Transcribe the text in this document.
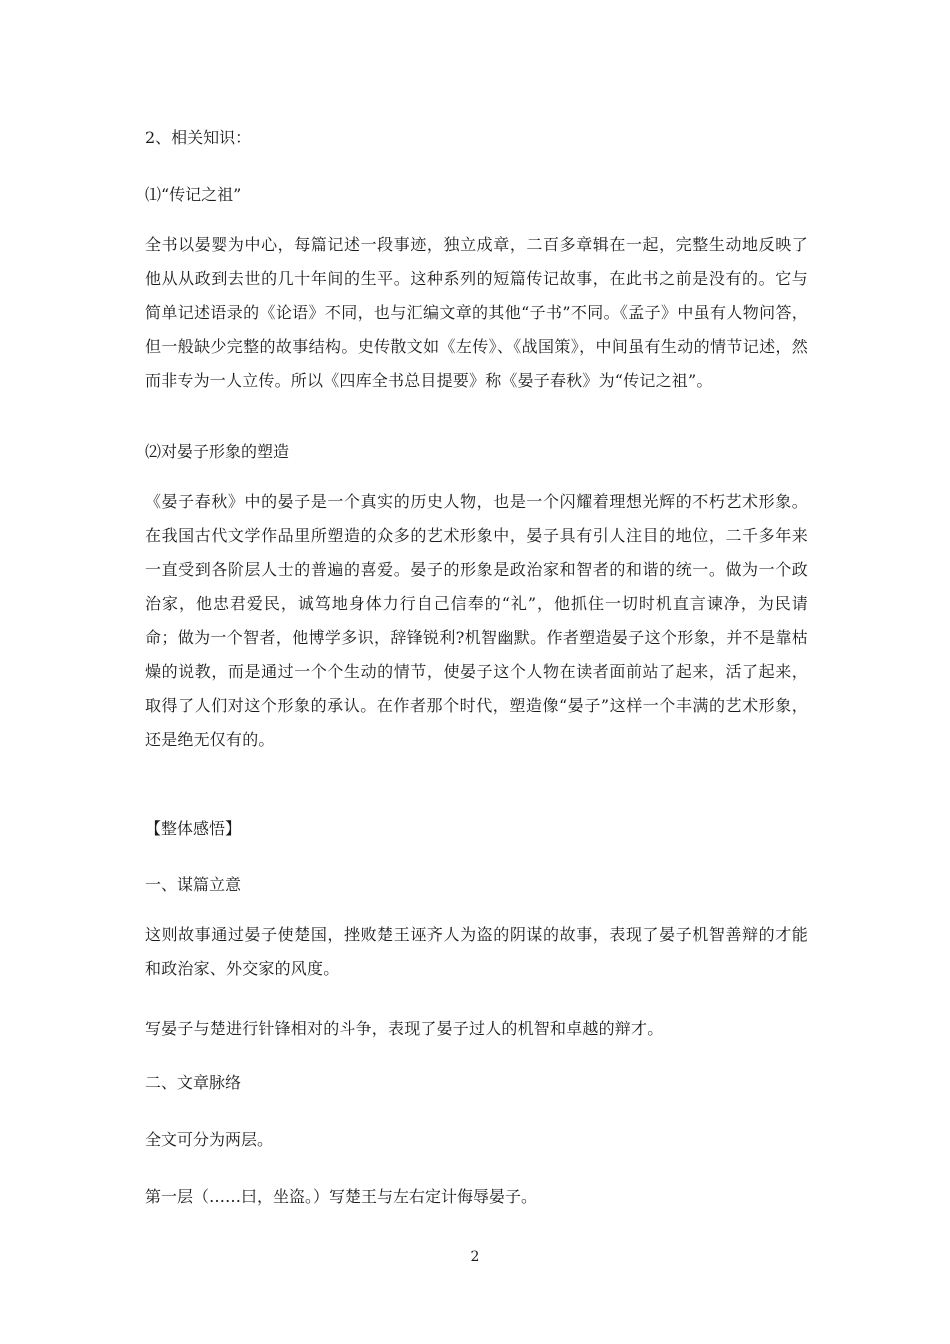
2、相关知识：

⑴“传记之祖”

全书以晏婴为中心，每篇记述一段事迹，独立成章，二百多章辑在一起，完整生动地反映了他从从政到去世的几十年间的生平。这种系列的短篇传记故事，在此书之前是没有的。它与简单记述语录的《论语》不同，也与汇编文章的其他“子书”不同。《孟子》中虽有人物问答，但一般缺少完整的故事结构。史传散文如《左传》、《战国策》，中间虽有生动的情节记述，然而非专为一人立传。所以《四库全书总目提要》称《晏子春秋》为“传记之祖”。

⑵对晏子形象的塑造

《晏子春秋》中的晏子是一个真实的历史人物，也是一个闪耀着理想光辉的不朽艺术形象。在我国古代文学作品里所塑造的众多的艺术形象中，晏子具有引人注目的地位，二千多年来一直受到各阶层人士的普遍的喜爱。晏子的形象是政治家和智者的和谐的统一。做为一个政治家，他忠君爱民，诚笃地身体力行自己信奉的“礼”，他抓住一切时机直言谏净，为民请命；做为一个智者，他博学多识，辞锋锐利?机智幽默。作者塑造晏子这个形象，并不是靠枯燥的说教，而是通过一个个生动的情节，使晏子这个人物在读者面前站了起来，活了起来，取得了人们对这个形象的承认。在作者那个时代，塑造像“晏子”这样一个丰满的艺术形象，还是绝无仅有的。

【整体感悟】

一、谋篇立意

这则故事通过晏子使楚国，挫败楚王诬齐人为盗的阴谋的故事，表现了晏子机智善辩的才能和政治家、外交家的风度。

写晏子与楚进行针锋相对的斗争，表现了晏子过人的机智和卓越的辩才。

二、文章脉络

全文可分为两层。

第一层（……曰，坐盗。）写楚王与左右定计侮辱晏子。

2
